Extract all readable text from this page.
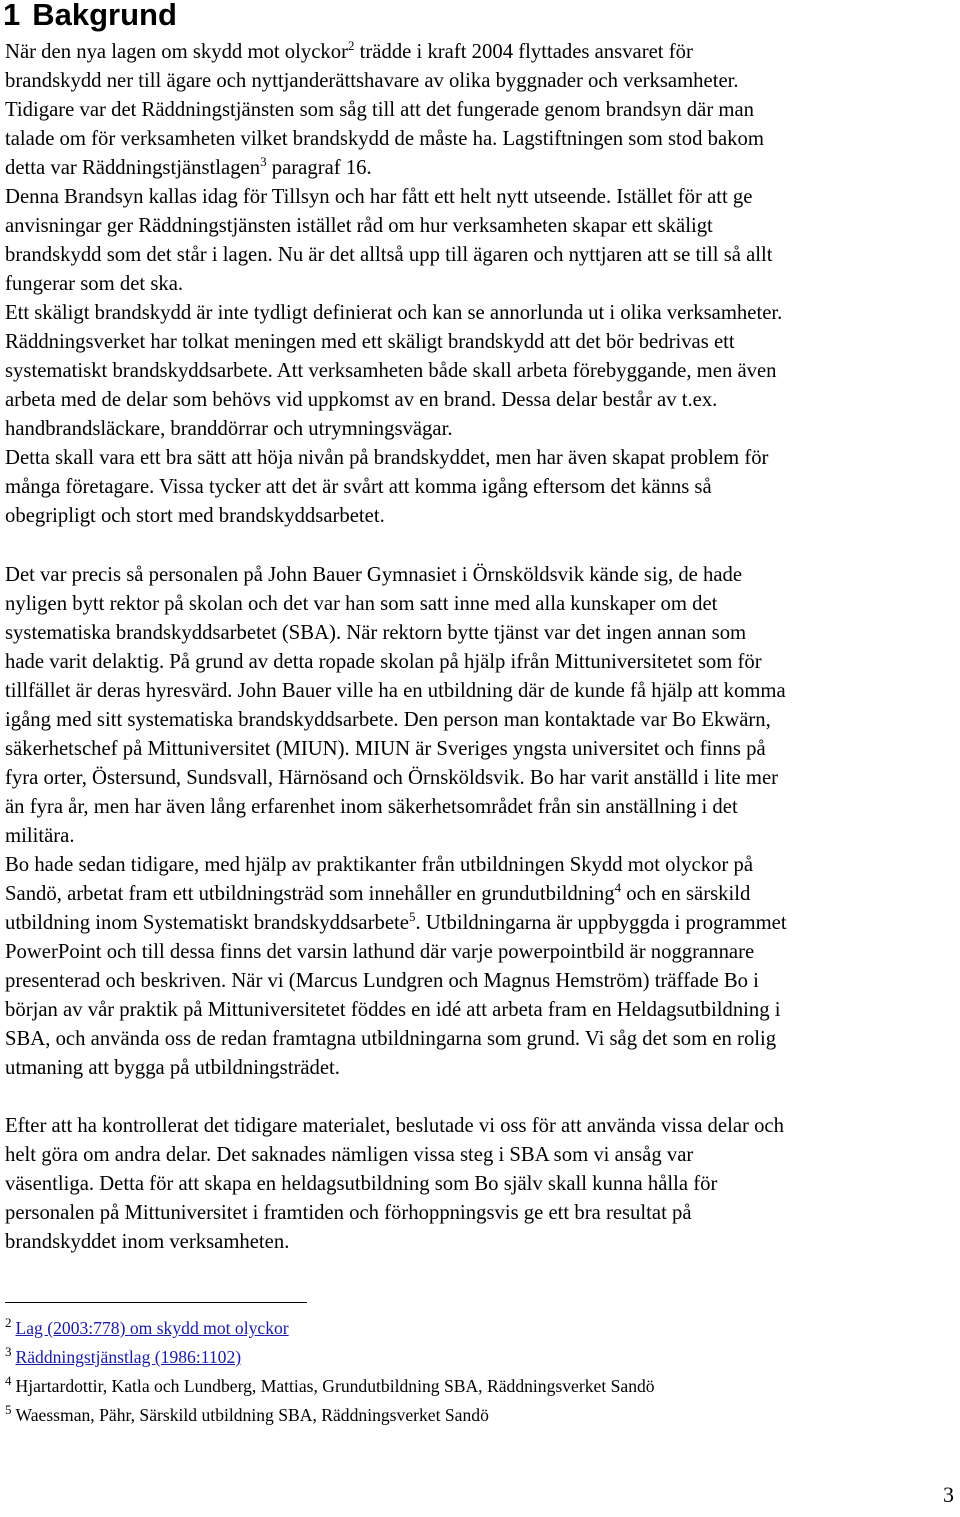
1 Bakgrund
När den nya lagen om skydd mot olyckor$^2$ trädde i kraft 2004 flyttades ansvaret för
brandskydd ner till ägare och nyttjanderättshavare av olika byggnader och verksamheter.
Tidigare var det Räddningstjänsten som såg till att det fungerade genom brandsyn där man
talade om för verksamheten vilket brandskydd de måste ha. Lagstiftningen som stod bakom
detta var Räddningstjänstlagen$^3$ paragraf 16.
Denna Brandsyn kallas idag för Tillsyn och har fått ett helt nytt utseende. Istället för att ge
anvisningar ger Räddningstjänsten istället råd om hur verksamheten skapar ett skäligt
brandskydd som det står i lagen. Nu är det alltså upp till ägaren och nyttjaren att se till så allt
fungerar som det ska.
Ett skäligt brandskydd är inte tydligt definierat och kan se annorlunda ut i olika verksamheter.
Räddningsverket har tolkat meningen med ett skäligt brandskydd att det bör bedrivas ett
systematiskt brandskyddsarbete. Att verksamheten både skall arbeta förebyggande, men även
arbeta med de delar som behövs vid uppkomst av en brand. Dessa delar består av t.ex.
handbrandsläckare, branddörrar och utrymningsvägar.
Detta skall vara ett bra sätt att höja nivån på brandskyddet, men har även skapat problem för
många företagare. Vissa tycker att det är svårt att komma igång eftersom det känns så
obegripligt och stort med brandskyddsarbetet.
Det var precis så personalen på John Bauer Gymnasiet i Örnsköldsvik kände sig, de hade
nyligen bytt rektor på skolan och det var han som satt inne med alla kunskaper om det
systematiska brandskyddsarbetet (SBA). När rektorn bytte tjänst var det ingen annan som
hade varit delaktig. På grund av detta ropade skolan på hjälp ifrån Mittuniversitetet som för
tillfället är deras hyresvärd. John Bauer ville ha en utbildning där de kunde få hjälp att komma
igång med sitt systematiska brandskyddsarbete. Den person man kontaktade var Bo Ekwärn,
säkerhetschef på Mittuniversitet (MIUN). MIUN är Sveriges yngsta universitet och finns på
fyra orter, Östersund, Sundsvall, Härnösand och Örnsköldsvik. Bo har varit anställd i lite mer
än fyra år, men har även lång erfarenhet inom säkerhetsområdet från sin anställning i det
militära.
Bo hade sedan tidigare, med hjälp av praktikanter från utbildningen Skydd mot olyckor på
Sandö, arbetat fram ett utbildningsträd som innehåller en grundutbildning$^4$ och en särskild
utbildning inom Systematiskt brandskyddsarbete$^5$. Utbildningarna är uppbyggda i programmet
PowerPoint och till dessa finns det varsin lathund där varje powerpointbild är noggrannare
presenterad och beskriven. När vi (Marcus Lundgren och Magnus Hemström) träffade Bo i
början av vår praktik på Mittuniversitetet föddes en idé att arbeta fram en Heldagsutbildning i
SBA, och använda oss de redan framtagna utbildningarna som grund. Vi såg det som en rolig
utmaning att bygga på utbildningsträdet.
Efter att ha kontrollerat det tidigare materialet, beslutade vi oss för att använda vissa delar och
helt göra om andra delar. Det saknades nämligen vissa steg i SBA som vi ansåg var
väsentliga. Detta för att skapa en heldagsutbildning som Bo själv skall kunna hålla för
personalen på Mittuniversitet i framtiden och förhoppningsvis ge ett bra resultat på
brandskyddet inom verksamheten.
$^2$ Lag (2003:778) om skydd mot olyckor
$^3$ Räddningstjänstlag (1986:1102)
$^4$ Hjartardottir, Katla och Lundberg, Mattias, Grundutbildning SBA, Räddningsverket Sandö
$^5$ Waessman, Pähr, Särskild utbildning SBA, Räddningsverket Sandö
3
